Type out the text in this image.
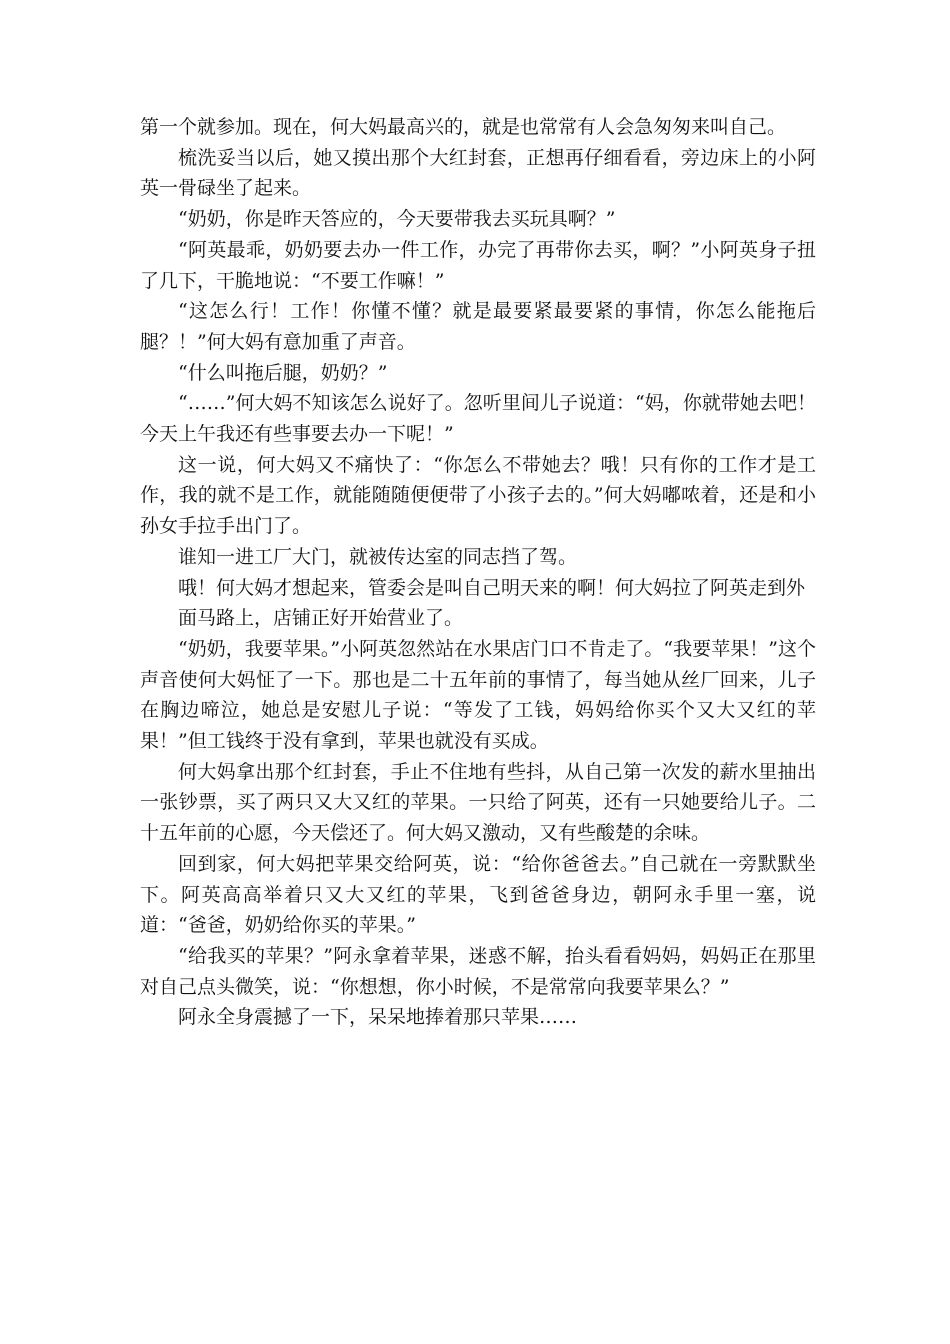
第一个就参加。现在，何大妈最高兴的，就是也常常有人会急匆匆来叫自己。

梳洗妥当以后，她又摸出那个大红封套，正想再仔细看看，旁边床上的小阿英一骨碌坐了起来。

“奶奶，你是昨天答应的，今天要带我去买玩具啊？”

“阿英最乖，奶奶要去办一件工作，办完了再带你去买，啊？”小阿英身子扭了几下，干脆地说：“不要工作嘛！”

“这怎么行！工作！你懂不懂？就是最要紧最要紧的事情，你怎么能拖后腿？！”何大妈有意加重了声音。

“什么叫拖后腿，奶奶？”

“……”何大妈不知该怎么说好了。忽听里间儿子说道：“妈，你就带她去吧！今天上午我还有些事要去办一下呢！”

这一说，何大妈又不痛快了：“你怎么不带她去？哦！只有你的工作才是工作，我的就不是工作，就能随随便便带了小孩子去的。”何大妈嘟哝着，还是和小孙女手拉手出门了。

谁知一进工厂大门，就被传达室的同志挡了驾。

哦！何大妈才想起来，管委会是叫自己明天来的啊！何大妈拉了阿英走到外

面马路上，店铺正好开始营业了。

“奶奶，我要苹果。”小阿英忽然站在水果店门口不肯走了。“我要苹果！”这个声音使何大妈怔了一下。那也是二十五年前的事情了，每当她从丝厂回来，儿子在胸边啼泣，她总是安慰儿子说：“等发了工钱，妈妈给你买个又大又红的苹果！”但工钱终于没有拿到，苹果也就没有买成。

何大妈拿出那个红封套，手止不住地有些抖，从自己第一次发的薪水里抽出一张钞票，买了两只又大又红的苹果。一只给了阿英，还有一只她要给儿子。二十五年前的心愿，今天偿还了。何大妈又激动，又有些酸楚的余味。

回到家，何大妈把苹果交给阿英，说：“给你爸爸去。”自己就在一旁默默坐下。阿英高高举着只又大又红的苹果，飞到爸爸身边，朝阿永手里一塞，说道：“爸爸，奶奶给你买的苹果。”

“给我买的苹果？”阿永拿着苹果，迷惑不解，抬头看看妈妈，妈妈正在那里对自己点头微笑，说：“你想想，你小时候，不是常常向我要苹果么？”

阿永全身震撼了一下，呆呆地捧着那只苹果……
